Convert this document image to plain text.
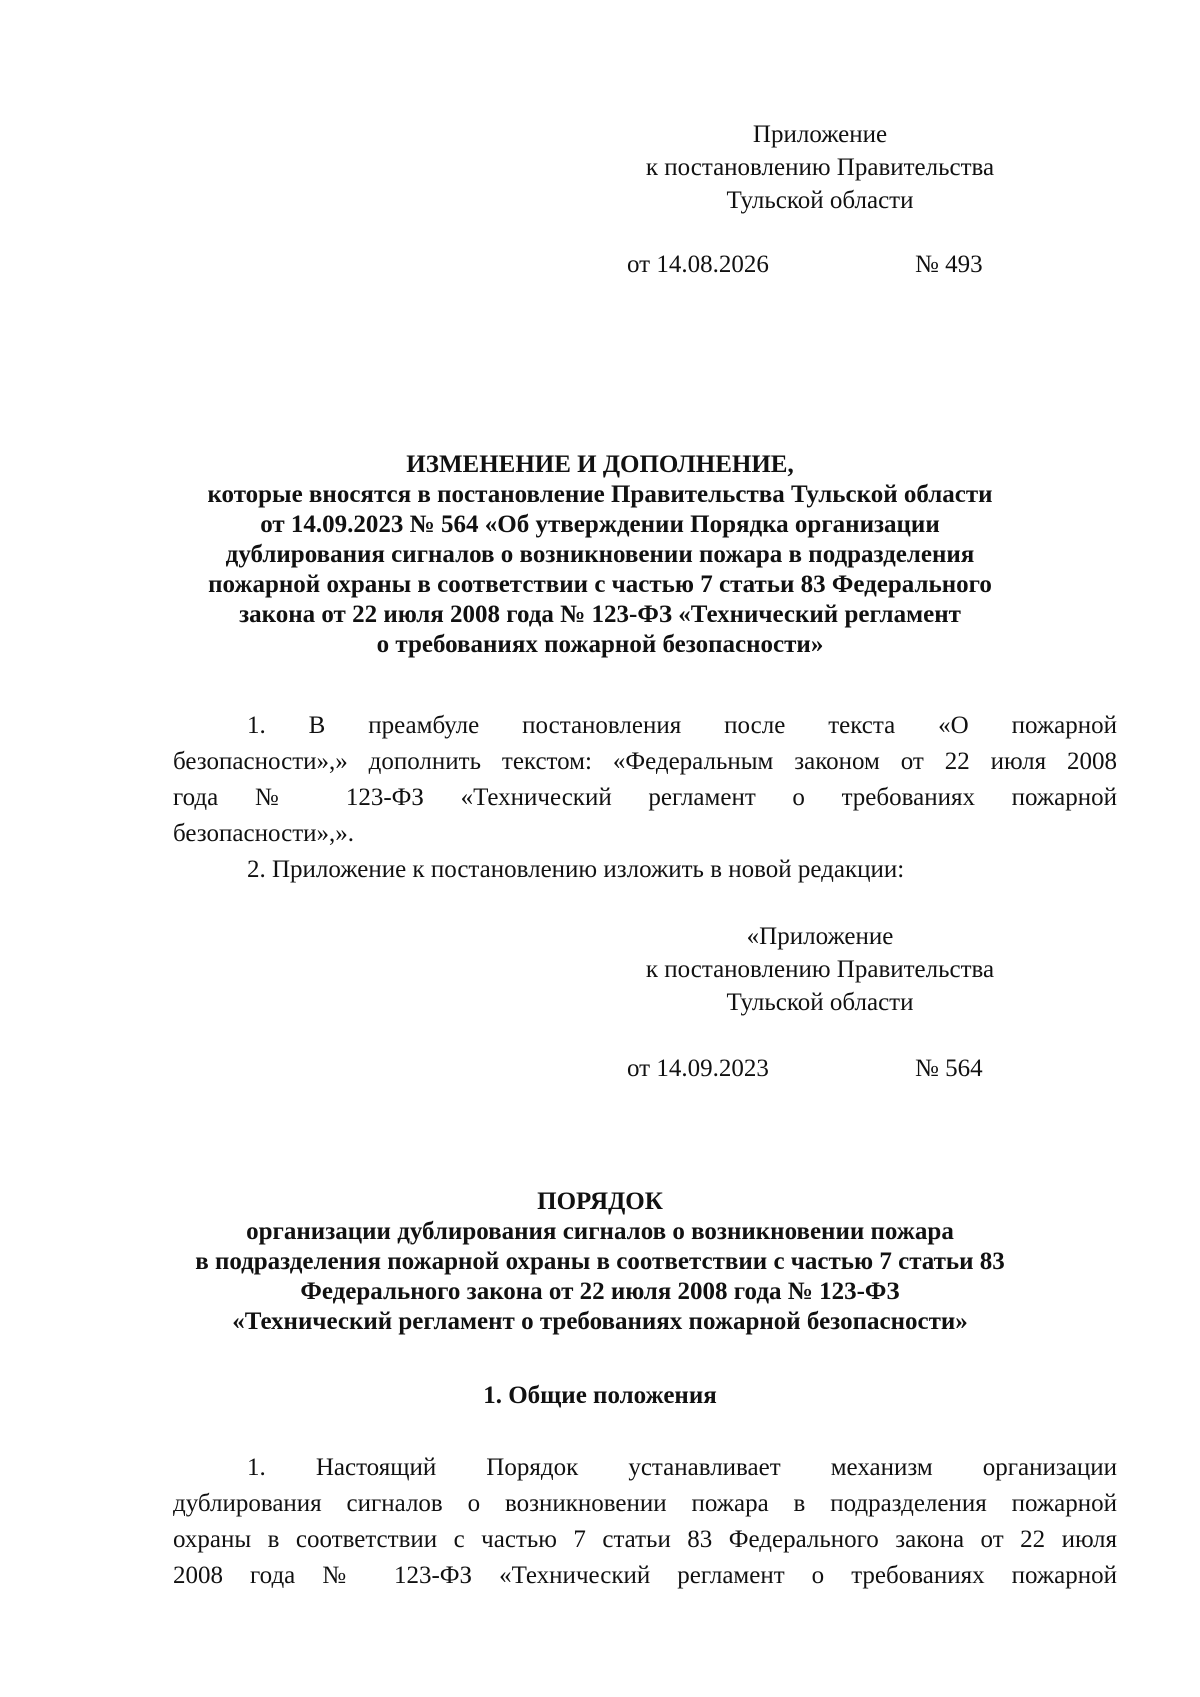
Приложение
к постановлению Правительства
Тульской области
от 14.08.2026	№ 493
ИЗМЕНЕНИЕ И ДОПОЛНЕНИЕ,
которые вносятся в постановление Правительства Тульской области
от 14.09.2023 № 564 «Об утверждении Порядка организации
дублирования сигналов о возникновении пожара в подразделения
пожарной охраны в соответствии с частью 7 статьи 83 Федерального
закона от 22 июля 2008 года № 123-ФЗ «Технический регламент
о требованиях пожарной безопасности»
1. В преамбуле постановления после текста «О пожарной
безопасности»,» дополнить текстом: «Федеральным законом от 22 июля 2008
года № 123-ФЗ «Технический регламент о требованиях пожарной
безопасности»,».
2. Приложение к постановлению изложить в новой редакции:
«Приложение
к постановлению Правительства
Тульской области
от 14.09.2023	№ 564
ПОРЯДОК
организации дублирования сигналов о возникновении пожара
в подразделения пожарной охраны в соответствии с частью 7 статьи 83
Федерального закона от 22 июля 2008 года № 123-ФЗ
«Технический регламент о требованиях пожарной безопасности»
1. Общие положения
1. Настоящий Порядок устанавливает механизм организации
дублирования сигналов о возникновении пожара в подразделения пожарной
охраны в соответствии с частью 7 статьи 83 Федерального закона от 22 июля
2008 года № 123-ФЗ «Технический регламент о требованиях пожарной
